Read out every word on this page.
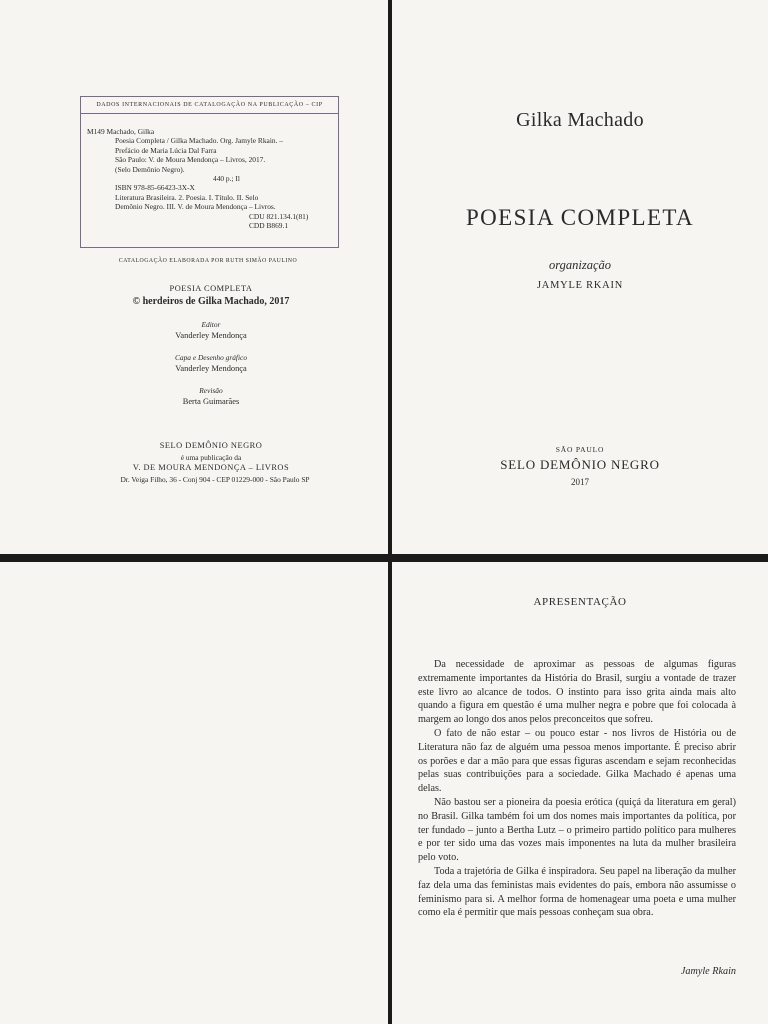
DADOS INTERNACIONAIS DE CATALOGAÇÃO NA PUBLICAÇÃO – CIP
M149 Machado, Gilka
Poesia Completa / Gilka Machado. Org. Jamyle Rkain. –
Prefácio de Maria Lúcia Dal Farra
São Paulo: V. de Moura Mendonça – Livros, 2017.
(Selo Demônio Negro).
440 p.; Il
ISBN 978-85-66423-3X-X
Literatura Brasileira. 2. Poesia. I. Título. II. Selo
Demônio Negro. III. V. de Moura Mendonça – Livros.
CDU 821.134.1(81)
CDD B869.1
CATALOGAÇÃO ELABORADA POR RUTH SIMÃO PAULINO
POESIA COMPLETA
© herdeiros de Gilka Machado, 2017
Editor
Vanderley Mendonça
Capa e Desenho gráfico
Vanderley Mendonça
Revisão
Berta Guimarães
SELO DEMÔNIO NEGRO
é uma publicação da
V. DE MOURA MENDONÇA – LIVROS
Dr. Veiga Filho, 36 - Conj 904 - CEP 01229-000 - São Paulo SP
Gilka Machado
POESIA COMPLETA
organização
JAMYLE RKAIN
SÃO PAULO
SELO DEMÔNIO NEGRO
2017
APRESENTAÇÃO

Da necessidade de aproximar as pessoas de algumas figuras extremamente importantes da História do Brasil, surgiu a vontade de trazer este livro ao alcance de todos. O instinto para isso grita ainda mais alto quando a figura em questão é uma mulher negra e pobre que foi colocada à margem ao longo dos anos pelos preconceitos que sofreu.

O fato de não estar – ou pouco estar - nos livros de História ou de Literatura não faz de alguém uma pessoa menos importante. É preciso abrir os porões e dar a mão para que essas figuras ascendam e sejam reconhecidas pelas suas contribuições para a sociedade. Gilka Machado é apenas uma delas.

Não bastou ser a pioneira da poesia erótica (quiçá da literatura em geral) no Brasil. Gilka também foi um dos nomes mais importantes da política, por ter fundado – junto a Bertha Lutz – o primeiro partido político para mulheres e por ter sido uma das vozes mais imponentes na luta da mulher brasileira pelo voto.

Toda a trajetória de Gilka é inspiradora. Seu papel na liberação da mulher faz dela uma das feministas mais evidentes do país, embora não assumisse o feminismo para si. A melhor forma de homenagear uma poeta e uma mulher como ela é permitir que mais pessoas conheçam sua obra.

Jamyle Rkain
